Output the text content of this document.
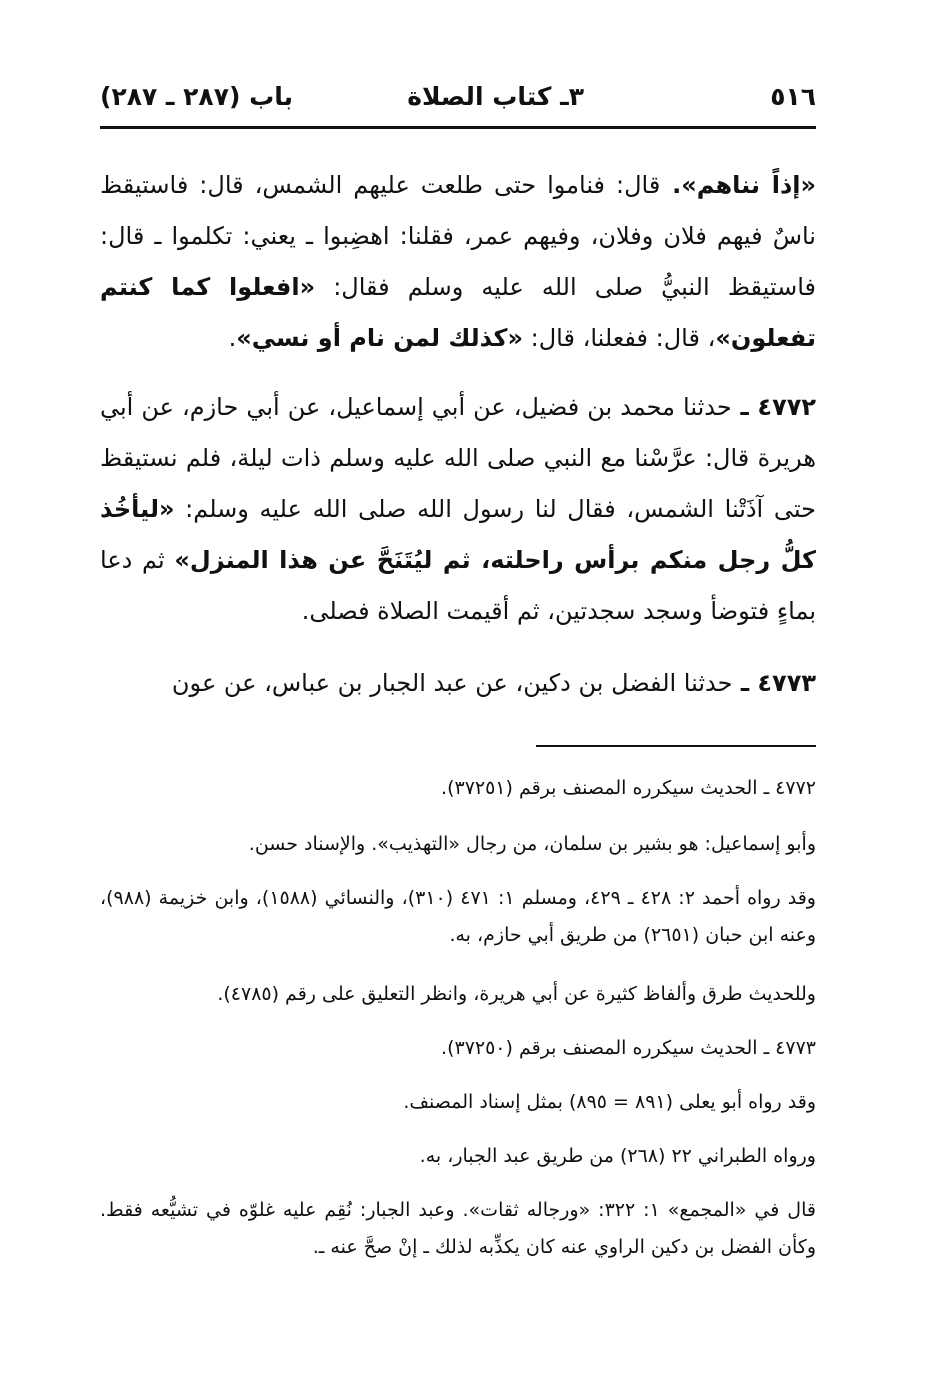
٥١٦
٣ـ كتاب الصلاة
باب (٢٨٧ ـ ٢٨٧)

«إذاً نناهم». قال: فناموا حتى طلعت عليهم الشمس، قال: فاستيقظ ناسٌ فيهم فلان وفلان، وفيهم عمر، فقلنا: اهضِبوا ـ يعني: تكلموا ـ قال: فاستيقظ النبيُّ صلى الله عليه وسلم فقال: «افعلوا كما كنتم تفعلون»، قال: ففعلنا، قال: «كذلك لمن نام أو نسي».

٤٧٧٢ ـ حدثنا محمد بن فضيل، عن أبي إسماعيل، عن أبي حازم، عن أبي هريرة قال: عرَّسْنا مع النبي صلى الله عليه وسلم ذات ليلة، فلم نستيقظ حتى آذَتْنا الشمس، فقال لنا رسول الله صلى الله عليه وسلم: «ليأخُذ كلُّ رجل منكم برأس راحلته، ثم ليُتَنَحَّ عن هذا المنزل» ثم دعا بماءٍ فتوضأ وسجد سجدتين، ثم أقيمت الصلاة فصلى.

٤٧٧٣ ـ حدثنا الفضل بن دكين، عن عبد الجبار بن عباس، عن عون

٤٧٧٢ ـ الحديث سيكرره المصنف برقم (٣٧٢٥١).

وأبو إسماعيل: هو بشير بن سلمان، من رجال «التهذيب». والإسناد حسن.

وقد رواه أحمد ٢: ٤٢٨ ـ ٤٢٩، ومسلم ١: ٤٧١ (٣١٠)، والنسائي (١٥٨٨)، وابن خزيمة (٩٨٨)، وعنه ابن حبان (٢٦٥١) من طريق أبي حازم، به.

وللحديث طرق وألفاظ كثيرة عن أبي هريرة، وانظر التعليق على رقم (٤٧٨٥).

٤٧٧٣ ـ الحديث سيكرره المصنف برقم (٣٧٢٥٠).

وقد رواه أبو يعلى (٨٩١ = ٨٩٥) بمثل إسناد المصنف.

ورواه الطبراني ٢٢ (٢٦٨) من طريق عبد الجبار، به.

قال في «المجمع» ١: ٣٢٢: «ورجاله ثقات». وعبد الجبار: نُقِم عليه غلوّه في تشيُّعه فقط. وكأن الفضل بن دكين الراوي عنه كان يكذِّبه لذلك ـ إنْ صحَّ عنه ـ.
